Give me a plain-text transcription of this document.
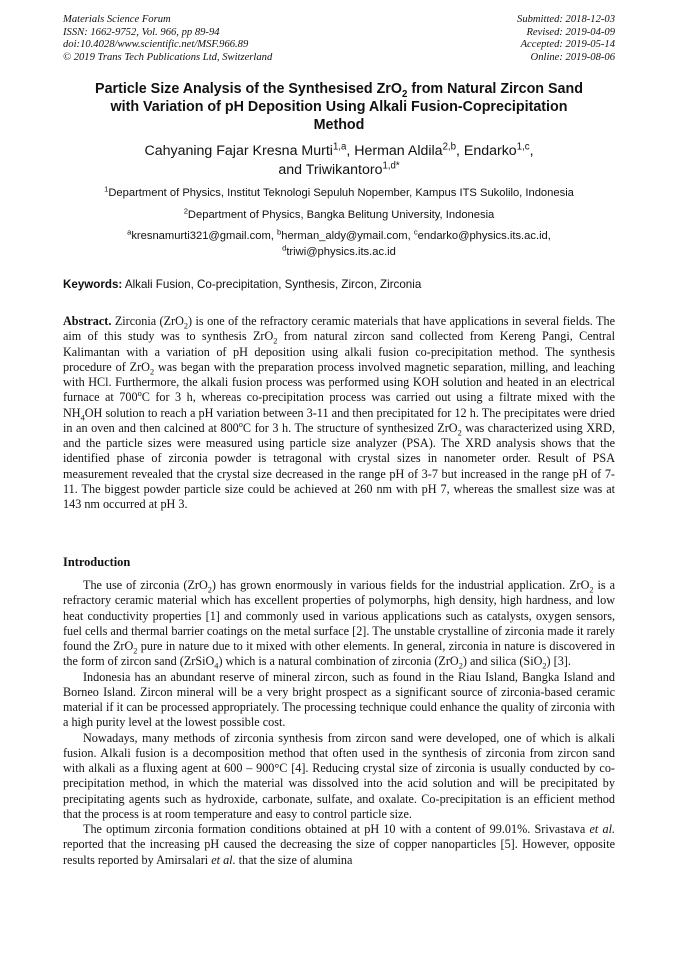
Materials Science Forum
ISSN: 1662-9752, Vol. 966, pp 89-94
doi:10.4028/www.scientific.net/MSF.966.89
© 2019 Trans Tech Publications Ltd, Switzerland
Submitted: 2018-12-03
Revised: 2019-04-09
Accepted: 2019-05-14
Online: 2019-08-06
Particle Size Analysis of the Synthesised ZrO$_2$ from Natural Zircon Sand
with Variation of pH Deposition Using Alkali Fusion-Coprecipitation
Method
Cahyaning Fajar Kresna Murti$^{1,a}$, Herman Aldila$^{2,b}$, Endarko$^{1,c}$,
and Triwikantoro$^{1,d*}$
$^1$Department of Physics, Institut Teknologi Sepuluh Nopember, Kampus ITS Sukolilo, Indonesia
$^2$Department of Physics, Bangka Belitung University, Indonesia
$^a$kresnamurti321@gmail.com, $^b$herman_aldy@ymail.com, $^c$endarko@physics.its.ac.id,
$^d$triwi@physics.its.ac.id
Keywords: Alkali Fusion, Co-precipitation, Synthesis, Zircon, Zirconia

Abstract. Zirconia (ZrO$_2$) is one of the refractory ceramic materials that have applications in several fields. The aim of this study was to synthesis ZrO$_2$ from natural zircon sand collected from Kereng Pangi, Central Kalimantan with a variation of pH deposition using alkali fusion co-precipitation method. The synthesis procedure of ZrO$_2$ was began with the preparation process involved magnetic separation, milling, and leaching with HCl. Furthermore, the alkali fusion process was performed using KOH solution and heated in an electrical furnace at 700$^o$C for 3 h, whereas co-precipitation process was carried out using a filtrate mixed with the $NH_4OH$ solution to reach a pH variation between 3-11 and then precipitated for 12 h. The precipitates were dried in an oven and then calcined at 800$^o$C for 3 h. The structure of synthesized ZrO$_2$ was characterized using XRD, and the particle sizes were measured using particle size analyzer (PSA). The XRD analysis shows that the identified phase of zirconia powder is tetragonal with crystal sizes in nanometer order. Result of PSA measurement revealed that the crystal size decreased in the range pH of 3-7 but increased in the range pH of 7-11. The biggest powder particle size could be achieved at 260 nm with pH 7, whereas the smallest size was at 143 nm occurred at pH 3.

Introduction

The use of zirconia (ZrO$_2$) has grown enormously in various fields for the industrial application. ZrO$_2$ is a refractory ceramic material which has excellent properties of polymorphs, high density, high hardness, and low heat conductivity properties [1] and commonly used in various applications such as catalysts, oxygen sensors, fuel cells and thermal barrier coatings on the metal surface [2]. The unstable crystalline of zirconia made it rarely found the ZrO$_2$ pure in nature due to it mixed with other elements. In general, zirconia in nature is discovered in the form of zircon sand (ZrSiO$_4$) which is a natural combination of zirconia (ZrO$_2$) and silica (SiO$_2$) [3].

Indonesia has an abundant reserve of mineral zircon, such as found in the Riau Island, Bangka Island and Borneo Island. Zircon mineral will be a very bright prospect as a significant source of zirconia-based ceramic material if it can be processed appropriately. The processing technique could enhance the quality of zirconia with a high purity level at the lowest possible cost.

Nowadays, many methods of zirconia synthesis from zircon sand were developed, one of which is alkali fusion. Alkali fusion is a decomposition method that often used in the synthesis of zirconia from zircon sand with alkali as a fluxing agent at 600 – 900°C [4]. Reducing crystal size of zirconia is usually conducted by co-precipitation method, in which the material was dissolved into the acid solution and will be precipitated by precipitating agents such as hydroxide, carbonate, sulfate, and oxalate. Co-precipitation is an efficient method that the process is at room temperature and easy to control particle size.

The optimum zirconia formation conditions obtained at pH 10 with a content of 99.01%. Srivastava et al. reported that the increasing pH caused the decreasing the size of copper nanoparticles [5]. However, opposite results reported by Amirsalari et al. that the size of alumina
